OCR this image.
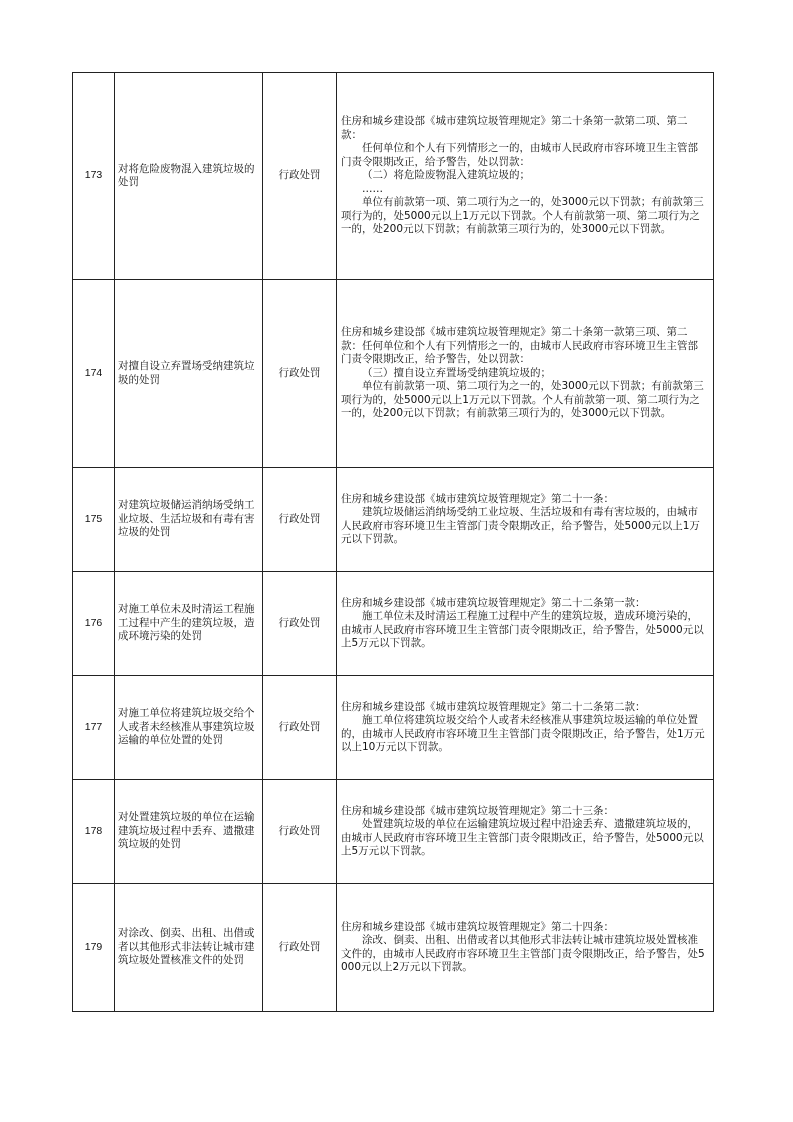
173	对将危险废物混入建筑垃圾的处罚	行政处罚	住房和城乡建设部《城市建筑垃圾管理规定》第二十条第一款第二项、第二款：
任何单位和个人有下列情形之一的，由城市人民政府市容环境卫生主管部门责令限期改正，给予警告，处以罚款：
（二）将危险废物混入建筑垃圾的；
……
单位有前款第一项、第二项行为之一的，处3000元以下罚款；有前款第三项行为的，处5000元以上1万元以下罚款。个人有前款第一项、第二项行为之一的，处200元以下罚款；有前款第三项行为的，处3000元以下罚款。

174	对擅自设立弃置场受纳建筑垃圾的处罚	行政处罚	住房和城乡建设部《城市建筑垃圾管理规定》第二十条第一款第三项、第二款：任何单位和个人有下列情形之一的，由城市人民政府市容环境卫生主管部门责令限期改正，给予警告，处以罚款：
（三）擅自设立弃置场受纳建筑垃圾的；
单位有前款第一项、第二项行为之一的，处3000元以下罚款；有前款第三项行为的，处5000元以上1万元以下罚款。个人有前款第一项、第二项行为之一的，处200元以下罚款；有前款第三项行为的，处3000元以下罚款。

175	对建筑垃圾储运消纳场受纳工业垃圾、生活垃圾和有毒有害垃圾的处罚	行政处罚	住房和城乡建设部《城市建筑垃圾管理规定》第二十一条：
建筑垃圾储运消纳场受纳工业垃圾、生活垃圾和有毒有害垃圾的，由城市人民政府市容环境卫生主管部门责令限期改正，给予警告，处5000元以上1万元以下罚款。

176	对施工单位未及时清运工程施工过程中产生的建筑垃圾，造成环境污染的处罚	行政处罚	住房和城乡建设部《城市建筑垃圾管理规定》第二十二条第一款：
施工单位未及时清运工程施工过程中产生的建筑垃圾，造成环境污染的，由城市人民政府市容环境卫生主管部门责令限期改正，给予警告，处5000元以上5万元以下罚款。

177	对施工单位将建筑垃圾交给个人或者未经核准从事建筑垃圾运输的单位处置的处罚	行政处罚	住房和城乡建设部《城市建筑垃圾管理规定》第二十二条第二款：
施工单位将建筑垃圾交给个人或者未经核准从事建筑垃圾运输的单位处置的，由城市人民政府市容环境卫生主管部门责令限期改正，给予警告，处1万元以上10万元以下罚款。

178	对处置建筑垃圾的单位在运输建筑垃圾过程中丢弃、遗撒建筑垃圾的处罚	行政处罚	住房和城乡建设部《城市建筑垃圾管理规定》第二十三条：
处置建筑垃圾的单位在运输建筑垃圾过程中沿途丢弃、遗撒建筑垃圾的，由城市人民政府市容环境卫生主管部门责令限期改正，给予警告，处5000元以上5万元以下罚款。

179	对涂改、倒卖、出租、出借或者以其他形式非法转让城市建筑垃圾处置核准文件的处罚	行政处罚	住房和城乡建设部《城市建筑垃圾管理规定》第二十四条：
涂改、倒卖、出租、出借或者以其他形式非法转让城市建筑垃圾处置核准文件的，由城市人民政府市容环境卫生主管部门责令限期改正，给予警告，处5000元以上2万元以下罚款。
